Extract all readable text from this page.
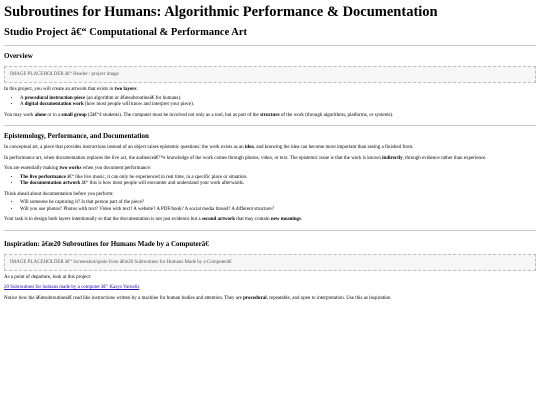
Subroutines for Humans: Algorithmic Performance & Documentation
Studio Project â€“ Computational & Performance Art
Overview
IMAGE PLACEHOLDER â€“ Header / project image

In this project, you will create an artwork that exists in two layers:

• A procedural instruction-piece (an algorithm or â€œsubroutineâ€ for humans).
• A digital documentation work (how most people will know and interpret your piece).

You may work alone or in a small group (2â€“4 students). The computer must be involved not only as a tool, but as part of the structure of the work (through algorithms, platforms, or systems).

Epistemology, Performance, and Documentation

In conceptual art, a piece that provides instructions instead of an object raises epistemic questions: the work exists as an idea, and knowing the idea can become more important than seeing a finished form.

In performance art, when documentation replaces the live act, the audienceâ€™s knowledge of the work comes through photos, video, or text. The epistemic issue is that the work is known indirectly, through evidence rather than experience.

You are essentially making two works when you document performance:

• The live performance â€“ like live music, it can only be experienced in real time, in a specific place or situation.
• The documentation artwork â€“ this is how most people will encounter and understand your work afterwards.

Think ahead about documentation before you perform:

• Will someone be capturing it? Is that person part of the piece?
• Will you use photos? Photos with text? Video with text? A website? A PDF/book? A social media thread? A different structure?

Your task is to design both layers intentionally so that the documentation is not just evidence but a second artwork that may contain new meanings.

Inspiration: â€œ20 Subroutines for Humans Made by a Computerâ€
IMAGE PLACEHOLDER â€“ Screenshot/quote from â€œ20 Subroutines for Humans Made by a Computerâ€

As a point of departure, look at this project:

20 Subroutines for humans made by a computer â€“ Kazys Varnelis

Notice how the â€œsubroutinesâ€ read like instructions written by a machine for human bodies and attention. They are procedural, repeatable, and open to interpretation. Use this as inspiration
